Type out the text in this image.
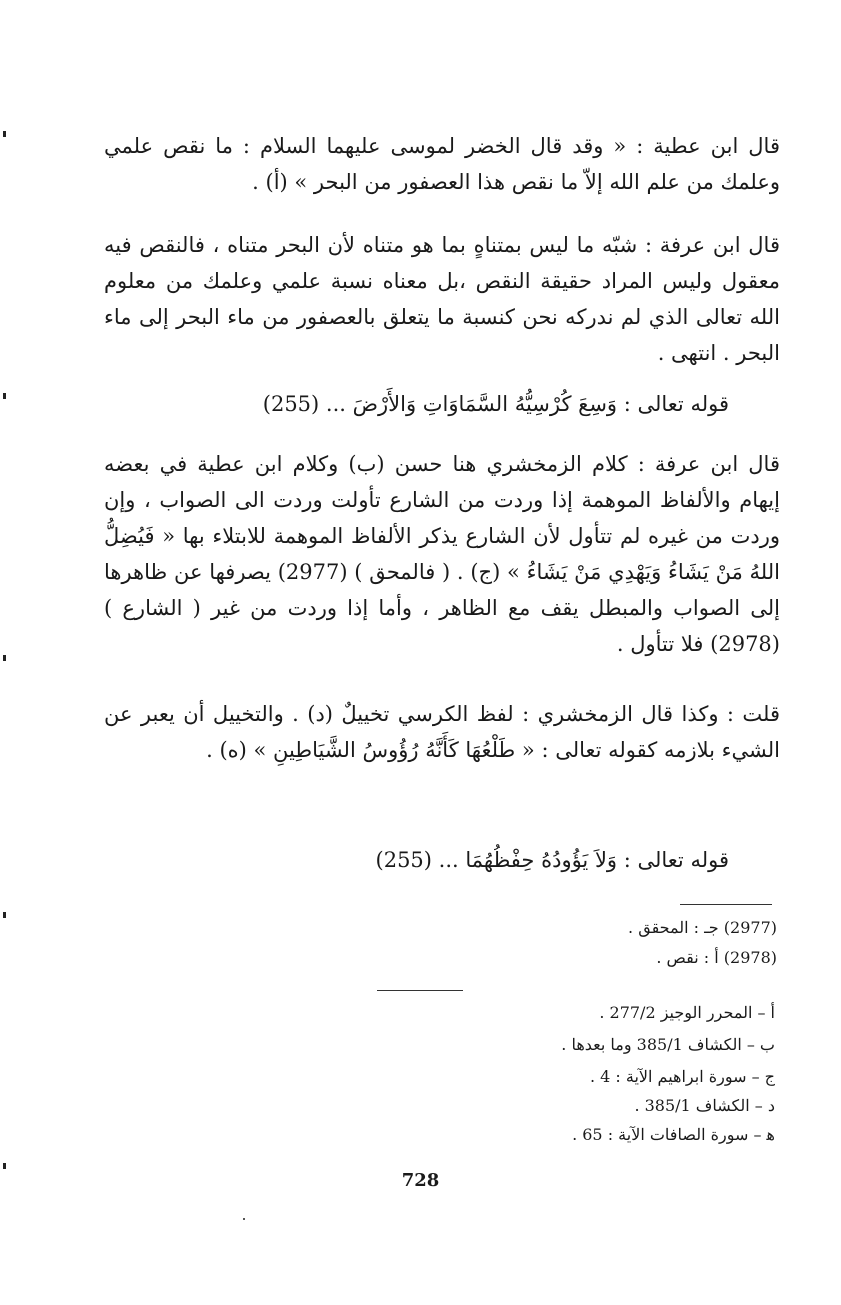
قال ابن عطية : « وقد قال الخضر لموسى عليهما السلام : ما نقص علمي وعلمك من علم الله إلاّ ما نقص هذا العصفور من البحر » (أ) .

قال ابن عرفة : شبّه ما ليس بمتناهٍ بما هو متناه لأن البحر متناه ، فالنقص فيه معقول وليس المراد حقيقة النقص ،بل معناه نسبة علمي وعلمك من معلوم الله تعالى الذي لم ندركه نحن كنسبة ما يتعلق بالعصفور من ماء البحر إلى ماء البحر . انتهى .

قوله تعالى : وَسِعَ كُرْسِيُّهُ السَّمَاوَاتِ وَالأَرْضَ ... (255)

قال ابن عرفة : كلام الزمخشري هنا حسن (ب) وكلام ابن عطية في بعضه إيهام والألفاظ الموهمة إذا وردت من الشارع تأولت وردت الى الصواب ، وإن وردت من غيره لم تتأول لأن الشارع يذكر الألفاظ الموهمة للابتلاء بها « فَيُضِلُّ اللهُ مَنْ يَشَاءُ وَيَهْدِي مَنْ يَشَاءُ » (ج) . ( فالمحق ) (2977) يصرفها عن ظاهرها إلى الصواب والمبطل يقف مع الظاهر ، وأما إذا وردت من غير ( الشارع ) (2978) فلا تتأول .

قلت : وكذا قال الزمخشري : لفظ الكرسي تخييلٌ (د) . والتخييل أن يعبر عن الشيء بلازمه كقوله تعالى : « طَلْعُهَا كَأَنَّهُ رُؤُوسُ الشَّيَاطِينِ » (ه) .

قوله تعالى : وَلاَ يَؤُودُهُ حِفْظُهُمَا ... (255)
(2977) جـ : المحقق .
(2978) أ : نقص .
أ – المحرر الوجيز 277/2 .
ب – الكشاف 385/1 وما بعدها .
ج – سورة ابراهيم الآية : 4 .
د – الكشاف 385/1 .
ﻫ – سورة الصافات الآية : 65 .
728
